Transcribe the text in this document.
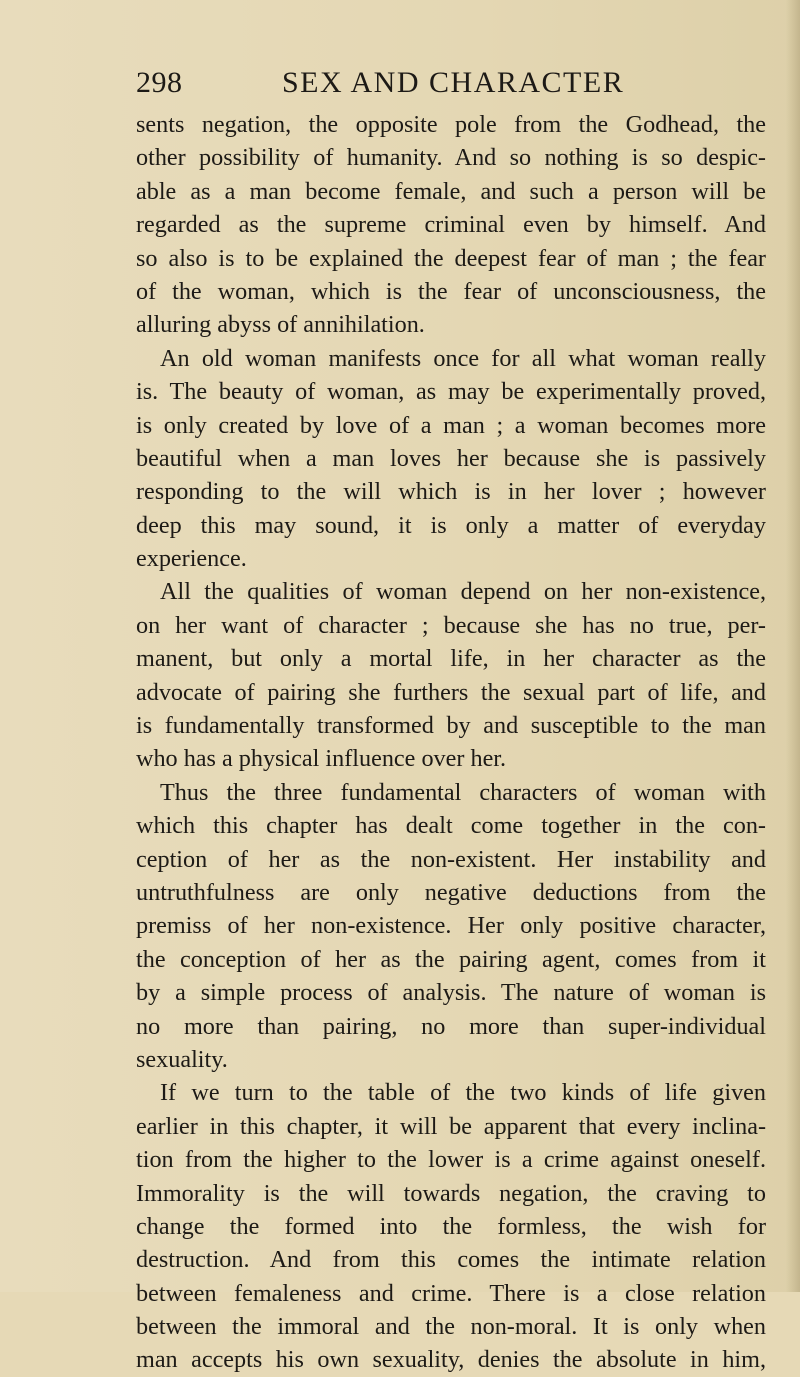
298	SEX AND CHARACTER
sents negation, the opposite pole from the Godhead, the
other possibility of humanity. And so nothing is so despic-
able as a man become female, and such a person will be
regarded as the supreme criminal even by himself. And
so also is to be explained the deepest fear of man ; the fear
of the woman, which is the fear of unconsciousness, the
alluring abyss of annihilation.
An old woman manifests once for all what woman really
is. The beauty of woman, as may be experimentally proved,
is only created by love of a man ; a woman becomes more
beautiful when a man loves her because she is passively
responding to the will which is in her lover ; however
deep this may sound, it is only a matter of everyday
experience.
All the qualities of woman depend on her non-existence,
on her want of character ; because she has no true, per-
manent, but only a mortal life, in her character as the
advocate of pairing she furthers the sexual part of life, and
is fundamentally transformed by and susceptible to the man
who has a physical influence over her.
Thus the three fundamental characters of woman with
which this chapter has dealt come together in the con-
ception of her as the non-existent. Her instability and
untruthfulness are only negative deductions from the
premiss of her non-existence. Her only positive character,
the conception of her as the pairing agent, comes from it
by a simple process of analysis. The nature of woman is
no more than pairing, no more than super-individual
sexuality.
If we turn to the table of the two kinds of life given
earlier in this chapter, it will be apparent that every inclina-
tion from the higher to the lower is a crime against oneself.
Immorality is the will towards negation, the craving to
change the formed into the formless, the wish for
destruction. And from this comes the intimate relation
between femaleness and crime. There is a close relation
between the immoral and the non-moral. It is only when
man accepts his own sexuality, denies the absolute in him,
